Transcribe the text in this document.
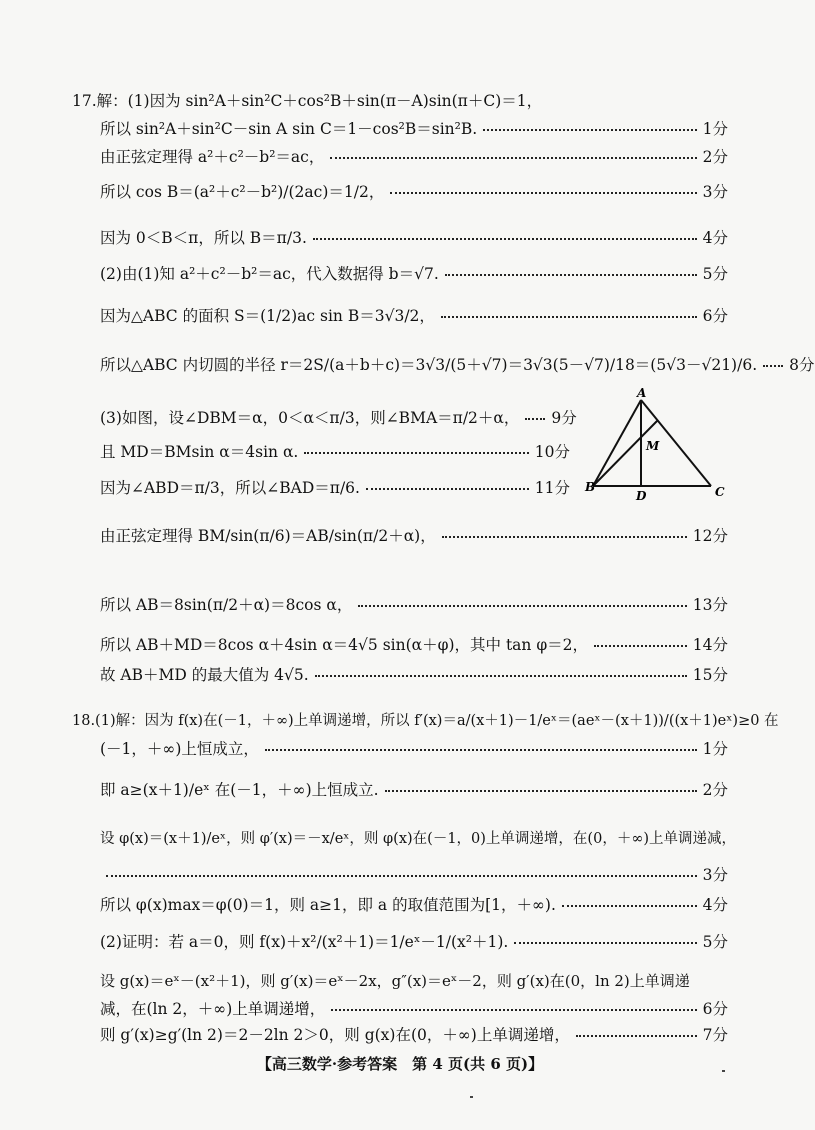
17.解：(1)因为 sin²A＋sin²C＋cos²B＋sin(π－A)sin(π＋C)＝1，
所以 sin²A＋sin²C－sin A sin C＝1－cos²B＝sin²B.	1分
由正弦定理得 a²＋c²－b²＝ac，	2分
所以 cos B＝(a²＋c²－b²)/(2ac)＝1/2，	3分
因为 0＜B＜π，所以 B＝π/3.	4分
(2)由(1)知 a²＋c²－b²＝ac，代入数据得 b＝√7.	5分
因为△ABC 的面积 S＝(1/2)ac sin B＝3√3/2，	6分
所以△ABC 内切圆的半径 r＝2S/(a＋b＋c)＝3√3/(5＋√7)＝3√3(5－√7)/18＝(5√3－√21)/6. 8分
(3)如图，设∠DBM＝α，0＜α＜π/3，则∠BMA＝π/2＋α， 9分
且 MD＝BMsin α＝4sin α.	10分
因为∠ABD＝π/3，所以∠BAD＝π/6.	11分
A
B	C
D
M
由正弦定理得 BM/sin(π/6)＝AB/sin(π/2＋α)，	12分
所以 AB＝8sin(π/2＋α)＝8cos α，	13分
所以 AB＋MD＝8cos α＋4sin α＝4√5 sin(α＋φ)，其中 tan φ＝2，	14分
故 AB＋MD 的最大值为 4√5.	15分
18.(1)解：因为 f(x)在(－1，＋∞)上单调递增，所以 f′(x)＝a/(x＋1)－1/eˣ＝(aeˣ－(x＋1))/((x＋1)eˣ)≥0 在
(－1，＋∞)上恒成立，	1分
即 a≥(x＋1)/eˣ 在(－1，＋∞)上恒成立.	2分
设 φ(x)＝(x＋1)/eˣ，则 φ′(x)＝－x/eˣ，则 φ(x)在(－1，0)上单调递增，在(0，＋∞)上单调递减，
3分
所以 φ(x)max＝φ(0)＝1，则 a≥1，即 a 的取值范围为[1，＋∞).	4分
(2)证明：若 a＝0，则 f(x)＋x²/(x²＋1)＝1/eˣ－1/(x²＋1).	5分
设 g(x)＝eˣ－(x²＋1)，则 g′(x)＝eˣ－2x，g″(x)＝eˣ－2，则 g′(x)在(0，ln 2)上单调递
减，在(ln 2，＋∞)上单调递增，	6分
则 g′(x)≥g′(ln 2)＝2－2ln 2＞0，则 g(x)在(0，＋∞)上单调递增，	7分
【高三数学·参考答案　第 4 页(共 6 页)】
